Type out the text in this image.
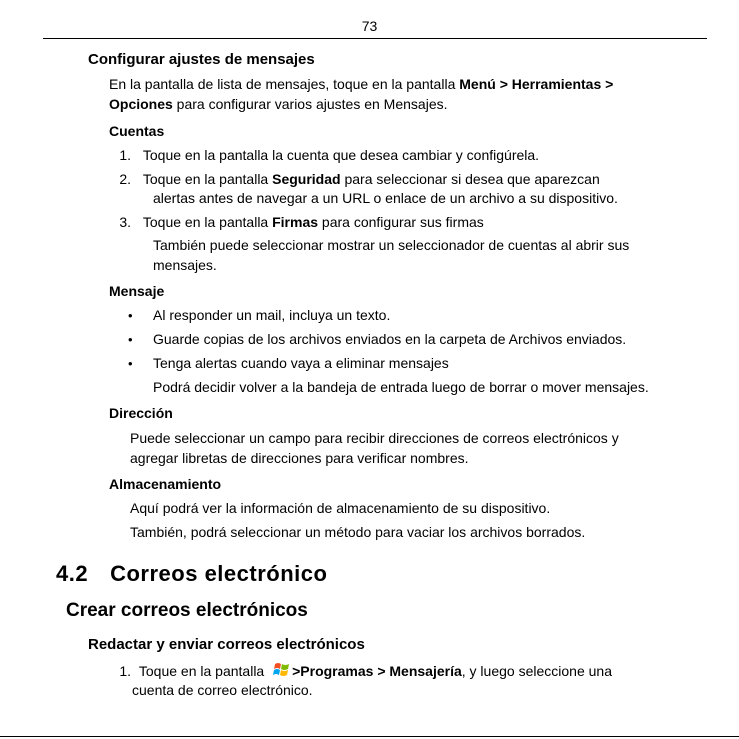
73
Configurar ajustes de mensajes
En la pantalla de lista de mensajes, toque en la pantalla Menú > Herramientas >
Opciones para configurar varios ajustes en Mensajes.
Cuentas
1. Toque en la pantalla la cuenta que desea cambiar y configúrela.
2. Toque en la pantalla Seguridad para seleccionar si desea que aparezcan
alertas antes de navegar a un URL o enlace de un archivo a su dispositivo.
3. Toque en la pantalla Firmas para configurar sus firmas
También puede seleccionar mostrar un seleccionador de cuentas al abrir sus
mensajes.
Mensaje
• Al responder un mail, incluya un texto.
• Guarde copias de los archivos enviados en la carpeta de Archivos enviados.
• Tenga alertas cuando vaya a eliminar mensajes
Podrá decidir volver a la bandeja de entrada luego de borrar o mover mensajes.
Dirección
Puede seleccionar un campo para recibir direcciones de correos electrónicos y
agregar libretas de direcciones para verificar nombres.
Almacenamiento
Aquí podrá ver la información de almacenamiento de su dispositivo.
También, podrá seleccionar un método para vaciar los archivos borrados.
4.2 Correos electrónico
Crear correos electrónicos
Redactar y enviar correos electrónicos
1. Toque en la pantalla >Programas > Mensajería, y luego seleccione una
cuenta de correo electrónico.
